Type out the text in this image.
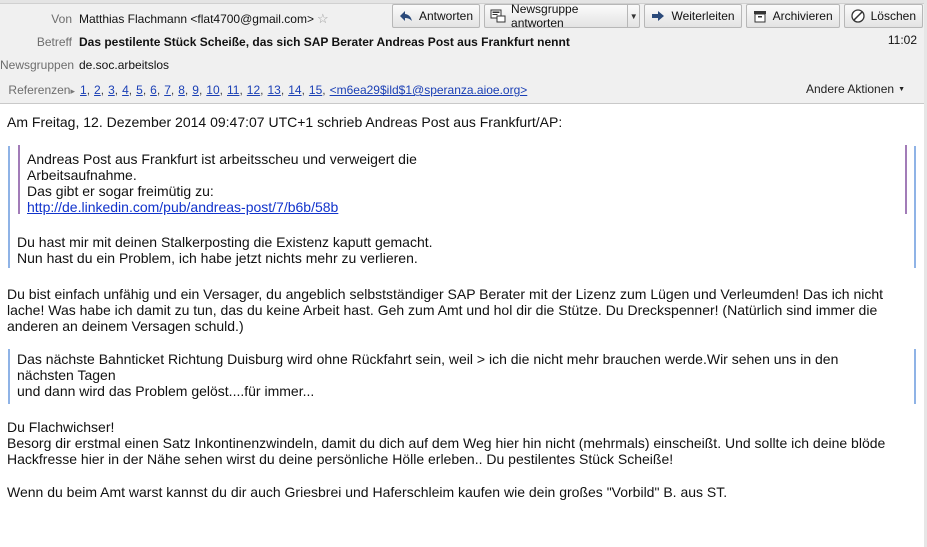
Von Matthias Flachmann <flat4700@gmail.com> ☆	Antworten	Newsgruppe antworten	▼	Weiterleiten	Archivieren	Löschen
Betreff Das pestilente Stück Scheiße, das sich SAP Berater Andreas Post aus Frankfurt nennt	11:02
Newsgruppen de.soc.arbeitslos
Referenzen▸ 1 , 2 , 3 , 4 , 5 , 6 , 7 , 8 , 9 , 10 , 11 , 12 , 13 , 14 , 15 , <m6ea29$ild$1@speranza.aioe.org>	Andere Aktionen ▼
Am Freitag, 12. Dezember 2014 09:47:07 UTC+1 schrieb Andreas Post aus Frankfurt/AP:
Du hast mir mit deinen Stalkerposting die Existenz kaputt gemacht.
Nun hast du ein Problem, ich habe jetzt nichts mehr zu verlieren.
Andreas Post aus Frankfurt ist arbeitsscheu und verweigert die
Arbeitsaufnahme.
Das gibt er sogar freimütig zu:
http://de.linkedin.com/pub/andreas-post/7/b6b/58b
Du bist einfach unfähig und ein Versager, du angeblich selbstständiger SAP Berater mit der Lizenz zum Lügen und Verleumden! Das ich nicht
lache! Was habe ich damit zu tun, das du keine Arbeit hast. Geh zum Amt und hol dir die Stütze. Du Dreckspenner! (Natürlich sind immer die
anderen an deinem Versagen schuld.)
Das nächste Bahnticket Richtung Duisburg wird ohne Rückfahrt sein, weil > ich die nicht mehr brauchen werde.Wir sehen uns in den
nächsten Tagen
und dann wird das Problem gelöst....für immer...
Du Flachwichser!
Besorg dir erstmal einen Satz Inkontinenzwindeln, damit du dich auf dem Weg hier hin nicht (mehrmals) einscheißt. Und sollte ich deine blöde
Hackfresse hier in der Nähe sehen wirst du deine persönliche Hölle erleben.. Du pestilentes Stück Scheiße!
Wenn du beim Amt warst kannst du dir auch Griesbrei und Haferschleim kaufen wie dein großes "Vorbild" B. aus ST.
